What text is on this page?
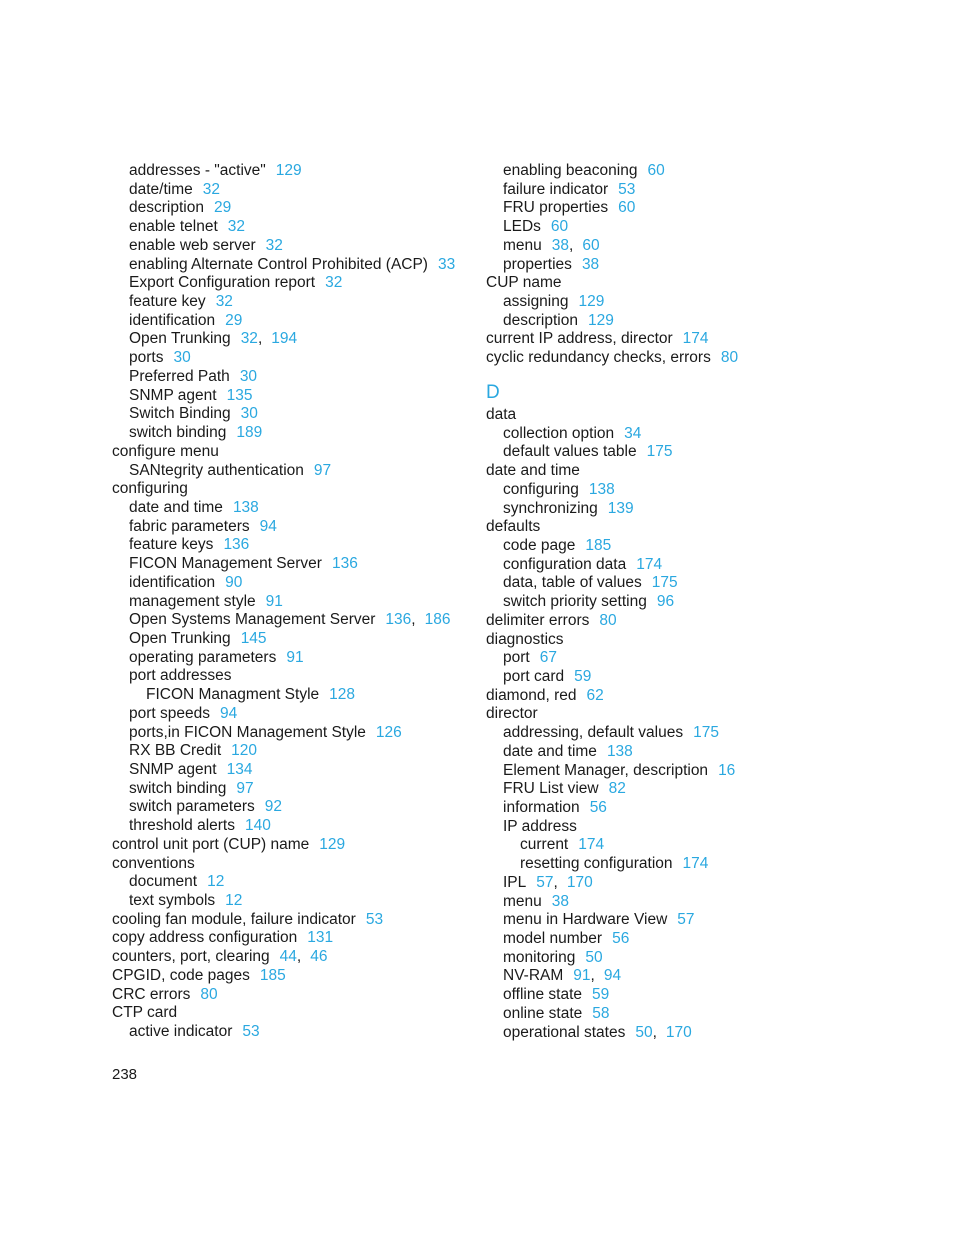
addresses - "active" 129
date/time 32
description 29
enable telnet 32
enable web server 32
enabling Alternate Control Prohibited (ACP) 33
Export Configuration report 32
feature key 32
identification 29
Open Trunking 32, 194
ports 30
Preferred Path 30
SNMP agent 135
Switch Binding 30
switch binding 189
configure menu
SANtegrity authentication 97
configuring
date and time 138
fabric parameters 94
feature keys 136
FICON Management Server 136
identification 90
management style 91
Open Systems Management Server 136, 186
Open Trunking 145
operating parameters 91
port addresses
FICON Managment Style 128
port speeds 94
ports,in FICON Management Style 126
RX BB Credit 120
SNMP agent 134
switch binding 97
switch parameters 92
threshold alerts 140
control unit port (CUP) name 129
conventions
document 12
text symbols 12
cooling fan module, failure indicator 53
copy address configuration 131
counters, port, clearing 44, 46
CPGID, code pages 185
CRC errors 80
CTP card
active indicator 53
enabling beaconing 60
failure indicator 53
FRU properties 60
LEDs 60
menu 38, 60
properties 38
CUP name
assigning 129
description 129
current IP address, director 174
cyclic redundancy checks, errors 80
D
data
collection option 34
default values table 175
date and time
configuring 138
synchronizing 139
defaults
code page 185
configuration data 174
data, table of values 175
switch priority setting 96
delimiter errors 80
diagnostics
port 67
port card 59
diamond, red 62
director
addressing, default values 175
date and time 138
Element Manager, description 16
FRU List view 82
information 56
IP address
current 174
resetting configuration 174
IPL 57, 170
menu 38
menu in Hardware View 57
model number 56
monitoring 50
NV-RAM 91, 94
offline state 59
online state 58
operational states 50, 170
238
